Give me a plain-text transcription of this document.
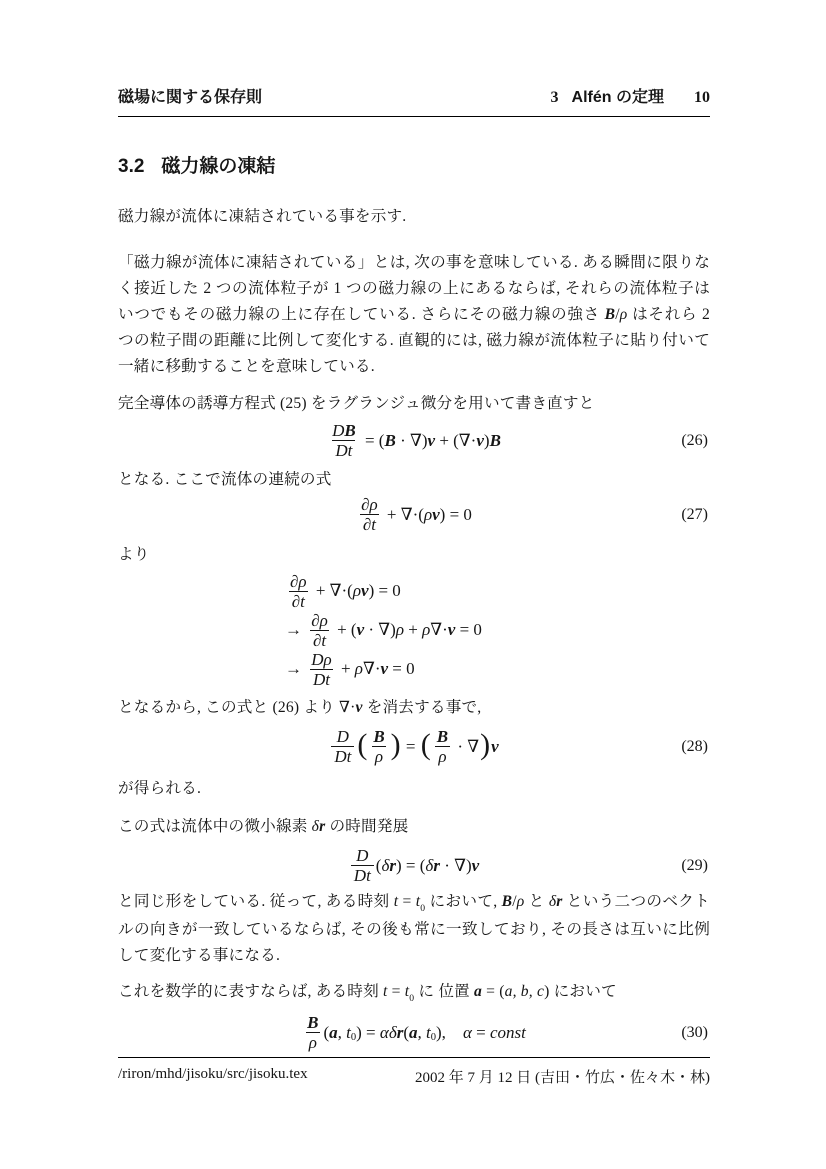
磁場に関する保存則	3 Alfén の定理 10
3.2 磁力線の凍結

磁力線が流体に凍結されている事を示す.

「磁力線が流体に凍結されている」とは, 次の事を意味している. ある瞬間に限りなく接近した 2 つの流体粒子が 1 つの磁力線の上にあるならば, それらの流体粒子はいつでもその磁力線の上に存在している. さらにその磁力線の強さ B/ρ はそれら 2 つの粒子間の距離に比例して変化する. 直観的には, 磁力線が流体粒子に貼り付いて一緒に移動することを意味している.

完全導体の誘導方程式 (25) をラグランジュ微分を用いて書き直すと

$\frac{DB}{Dt} = (B \cdot \nabla)v + (\nabla\cdot v)B$	(26)

となる. ここで流体の連続の式

$\frac{\partial\rho}{\partial t} + \nabla\cdot(\rho v) = 0$	(27)

より

$\frac{\partial\rho}{\partial t} + \nabla\cdot(\rho v) = 0$
→ $\frac{\partial\rho}{\partial t} + (v \cdot \nabla)\rho + \rho\nabla\cdot v = 0$
→ $\frac{D\rho}{Dt} + \rho\nabla\cdot v = 0$

となるから, この式と (26) より ∇·v を消去する事で,

$\frac{D}{Dt}$ ( $\frac{B}{\rho}$ ) = ( $\frac{B}{\rho} \cdot \nabla)v$	(28)

が得られる.

この式は流体中の微小線素 δr の時間発展

$\frac{D}{Dt} (\delta r) = (\delta r \cdot \nabla)v$	(29)

と同じ形をしている. 従って, ある時刻 $t = t_0$ において, B/ρ と δr という二つのベクトルの向きが一致しているならば, その後も常に一致しており, その長さは互いに比例して変化する事になる.

これを数学的に表すならば, ある時刻 $t = t_0$ に 位置 a = (a, b, c) において

$\frac{B}{\rho} (a$, $t_0) = \alpha\delta r(a$, $t_0$), α = const	(30)
/riron/mhd/jisoku/src/jisoku.tex	2002 年 7 月 12 日 (吉田・竹広・佐々木・林)
